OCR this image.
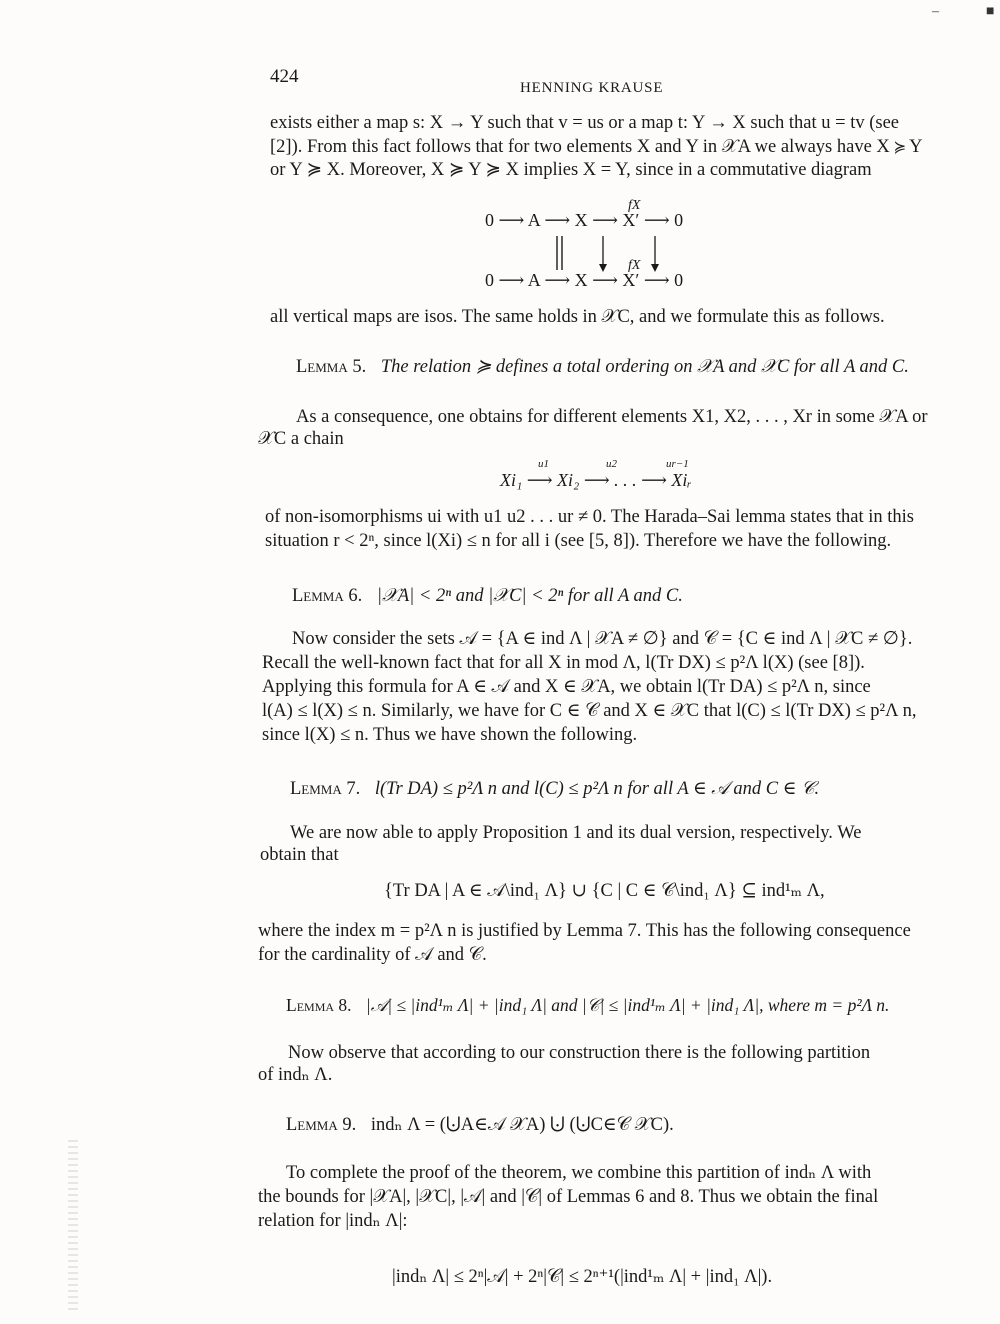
424
HENNING KRAUSE
–	■
exists either a map s: X → Y such that v = us or a map t: Y → X such that u = tv (see
[2]). From this fact follows that for two elements X and Y in 𝒳A we always have X ≽ Y
or Y ≽ X. Moreover, X ≽ Y ≽ X implies X = Y, since in a commutative diagram
fX
0 ⟶ A ⟶ X ⟶ X′ ⟶ 0
fX
0 ⟶ A ⟶ X ⟶ X′ ⟶ 0
all vertical maps are isos. The same holds in 𝒳C, and we formulate this as follows.
Lemma 5. The relation ≽ defines a total ordering on 𝒳A and 𝒳C for all A and C.
As a consequence, one obtains for different elements X1, X2, . . . , Xr in some 𝒳A or
𝒳C a chain
u1	u2	ur−1
Xi₁ ⟶ Xi₂ ⟶ . . . ⟶ Xiᵣ
of non-isomorphisms ui with u1 u2 . . . ur ≠ 0. The Harada–Sai lemma states that in this
situation r < 2ⁿ, since l(Xi) ≤ n for all i (see [5, 8]). Therefore we have the following.
Lemma 6. |𝒳A| < 2ⁿ and |𝒳C| < 2ⁿ for all A and C.
Now consider the sets 𝒜 = {A ∈ ind Λ | 𝒳A ≠ ∅} and 𝒞 = {C ∈ ind Λ | 𝒳C ≠ ∅}.
Recall the well-known fact that for all X in mod Λ, l(Tr DX) ≤ p²Λ l(X) (see [8]).
Applying this formula for A ∈ 𝒜 and X ∈ 𝒳A, we obtain l(Tr DA) ≤ p²Λ n, since
l(A) ≤ l(X) ≤ n. Similarly, we have for C ∈ 𝒞 and X ∈ 𝒳C that l(C) ≤ l(Tr DX) ≤ p²Λ n,
since l(X) ≤ n. Thus we have shown the following.
Lemma 7. l(Tr DA) ≤ p²Λ n and l(C) ≤ p²Λ n for all A ∈ 𝒜 and C ∈ 𝒞.
We are now able to apply Proposition 1 and its dual version, respectively. We
obtain that
{Tr DA | A ∈ 𝒜\ind₁ Λ} ∪ {C | C ∈ 𝒞\ind₁ Λ} ⊆ ind¹ₘ Λ,
where the index m = p²Λ n is justified by Lemma 7. This has the following consequence
for the cardinality of 𝒜 and 𝒞.
Lemma 8. |𝒜| ≤ |ind¹ₘ Λ| + |ind₁ Λ| and |𝒞| ≤ |ind¹ₘ Λ| + |ind₁ Λ|, where m = p²Λ n.
Now observe that according to our construction there is the following partition
of indₙ Λ.
Lemma 9. indₙ Λ = (⨃A∈𝒜 𝒳A) ⨃ (⨃C∈𝒞 𝒳C).
To complete the proof of the theorem, we combine this partition of indₙ Λ with
the bounds for |𝒳A|, |𝒳C|, |𝒜| and |𝒞| of Lemmas 6 and 8. Thus we obtain the final
relation for |indₙ Λ|:
|indₙ Λ| ≤ 2ⁿ|𝒜| + 2ⁿ|𝒞| ≤ 2ⁿ⁺¹(|ind¹ₘ Λ| + |ind₁ Λ|).
